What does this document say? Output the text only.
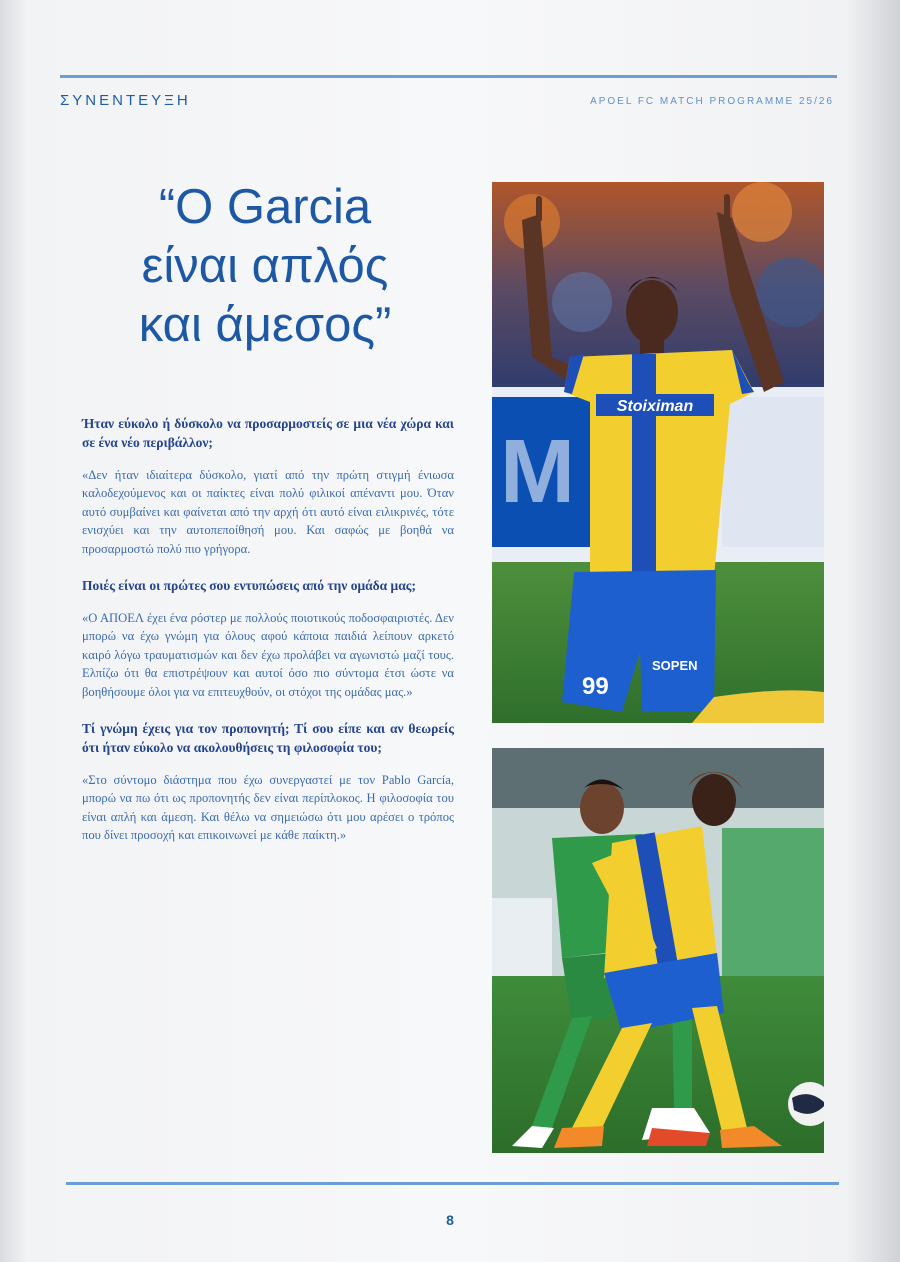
ΣΥΝΕΝΤΕΥΞΗ	APOEL FC MATCH PROGRAMME 25/26
“Ο Garcia
είναι απλός
και άμεσος”

Ήταν εύκολο ή δύσκολο να προσαρμοστείς σε μια νέα χώρα και σε ένα νέο περιβάλλον;

«Δεν ήταν ιδιαίτερα δύσκολο, γιατί από την πρώτη στιγμή ένιωσα καλοδεχούμενος και οι παίκτες είναι πολύ φιλικοί απέναντι μου. Όταν αυτό συμβαίνει και φαίνεται από την αρχή ότι αυτό είναι ειλικρινές, τότε ενισχύει και την αυτοπεποίθησή μου. Και σαφώς με βοηθά να προσαρμοστώ πολύ πιο γρήγορα.

Ποιές είναι οι πρώτες σου εντυπώσεις από την ομάδα μας;

«Ο ΑΠΟΕΛ έχει ένα ρόστερ με πολλούς ποιοτικούς ποδοσφαιριστές. Δεν μπορώ να έχω γνώμη για όλους αφού κάποια παιδιά λείπουν αρκετό καιρό λόγω τραυματισμών και δεν έχω προλάβει να αγωνιστώ μαζί τους. Ελπίζω ότι θα επιστρέψουν και αυτοί όσο πιο σύντομα έτσι ώστε να βοηθήσουμε όλοι για να επιτευχθούν, οι στόχοι της ομάδας μας.»

Τί γνώμη έχεις για τον προπονητή; Τί σου είπε και αν θεωρείς ότι ήταν εύκολο να ακολουθήσεις τη φιλοσοφία του;

«Στο σύντομο διάστημα που έχω συνεργαστεί με τον Pablo García, μπορώ να πω ότι ως προπονητής δεν είναι περίπλοκος. Η φιλοσοφία του είναι απλή και άμεση. Και θέλω να σημειώσω ότι μου αρέσει ο τρόπος που δίνει προσοχή και επικοινωνεί με κάθε παίκτη.»

M
Stoiximan
99
SOPEN
8
